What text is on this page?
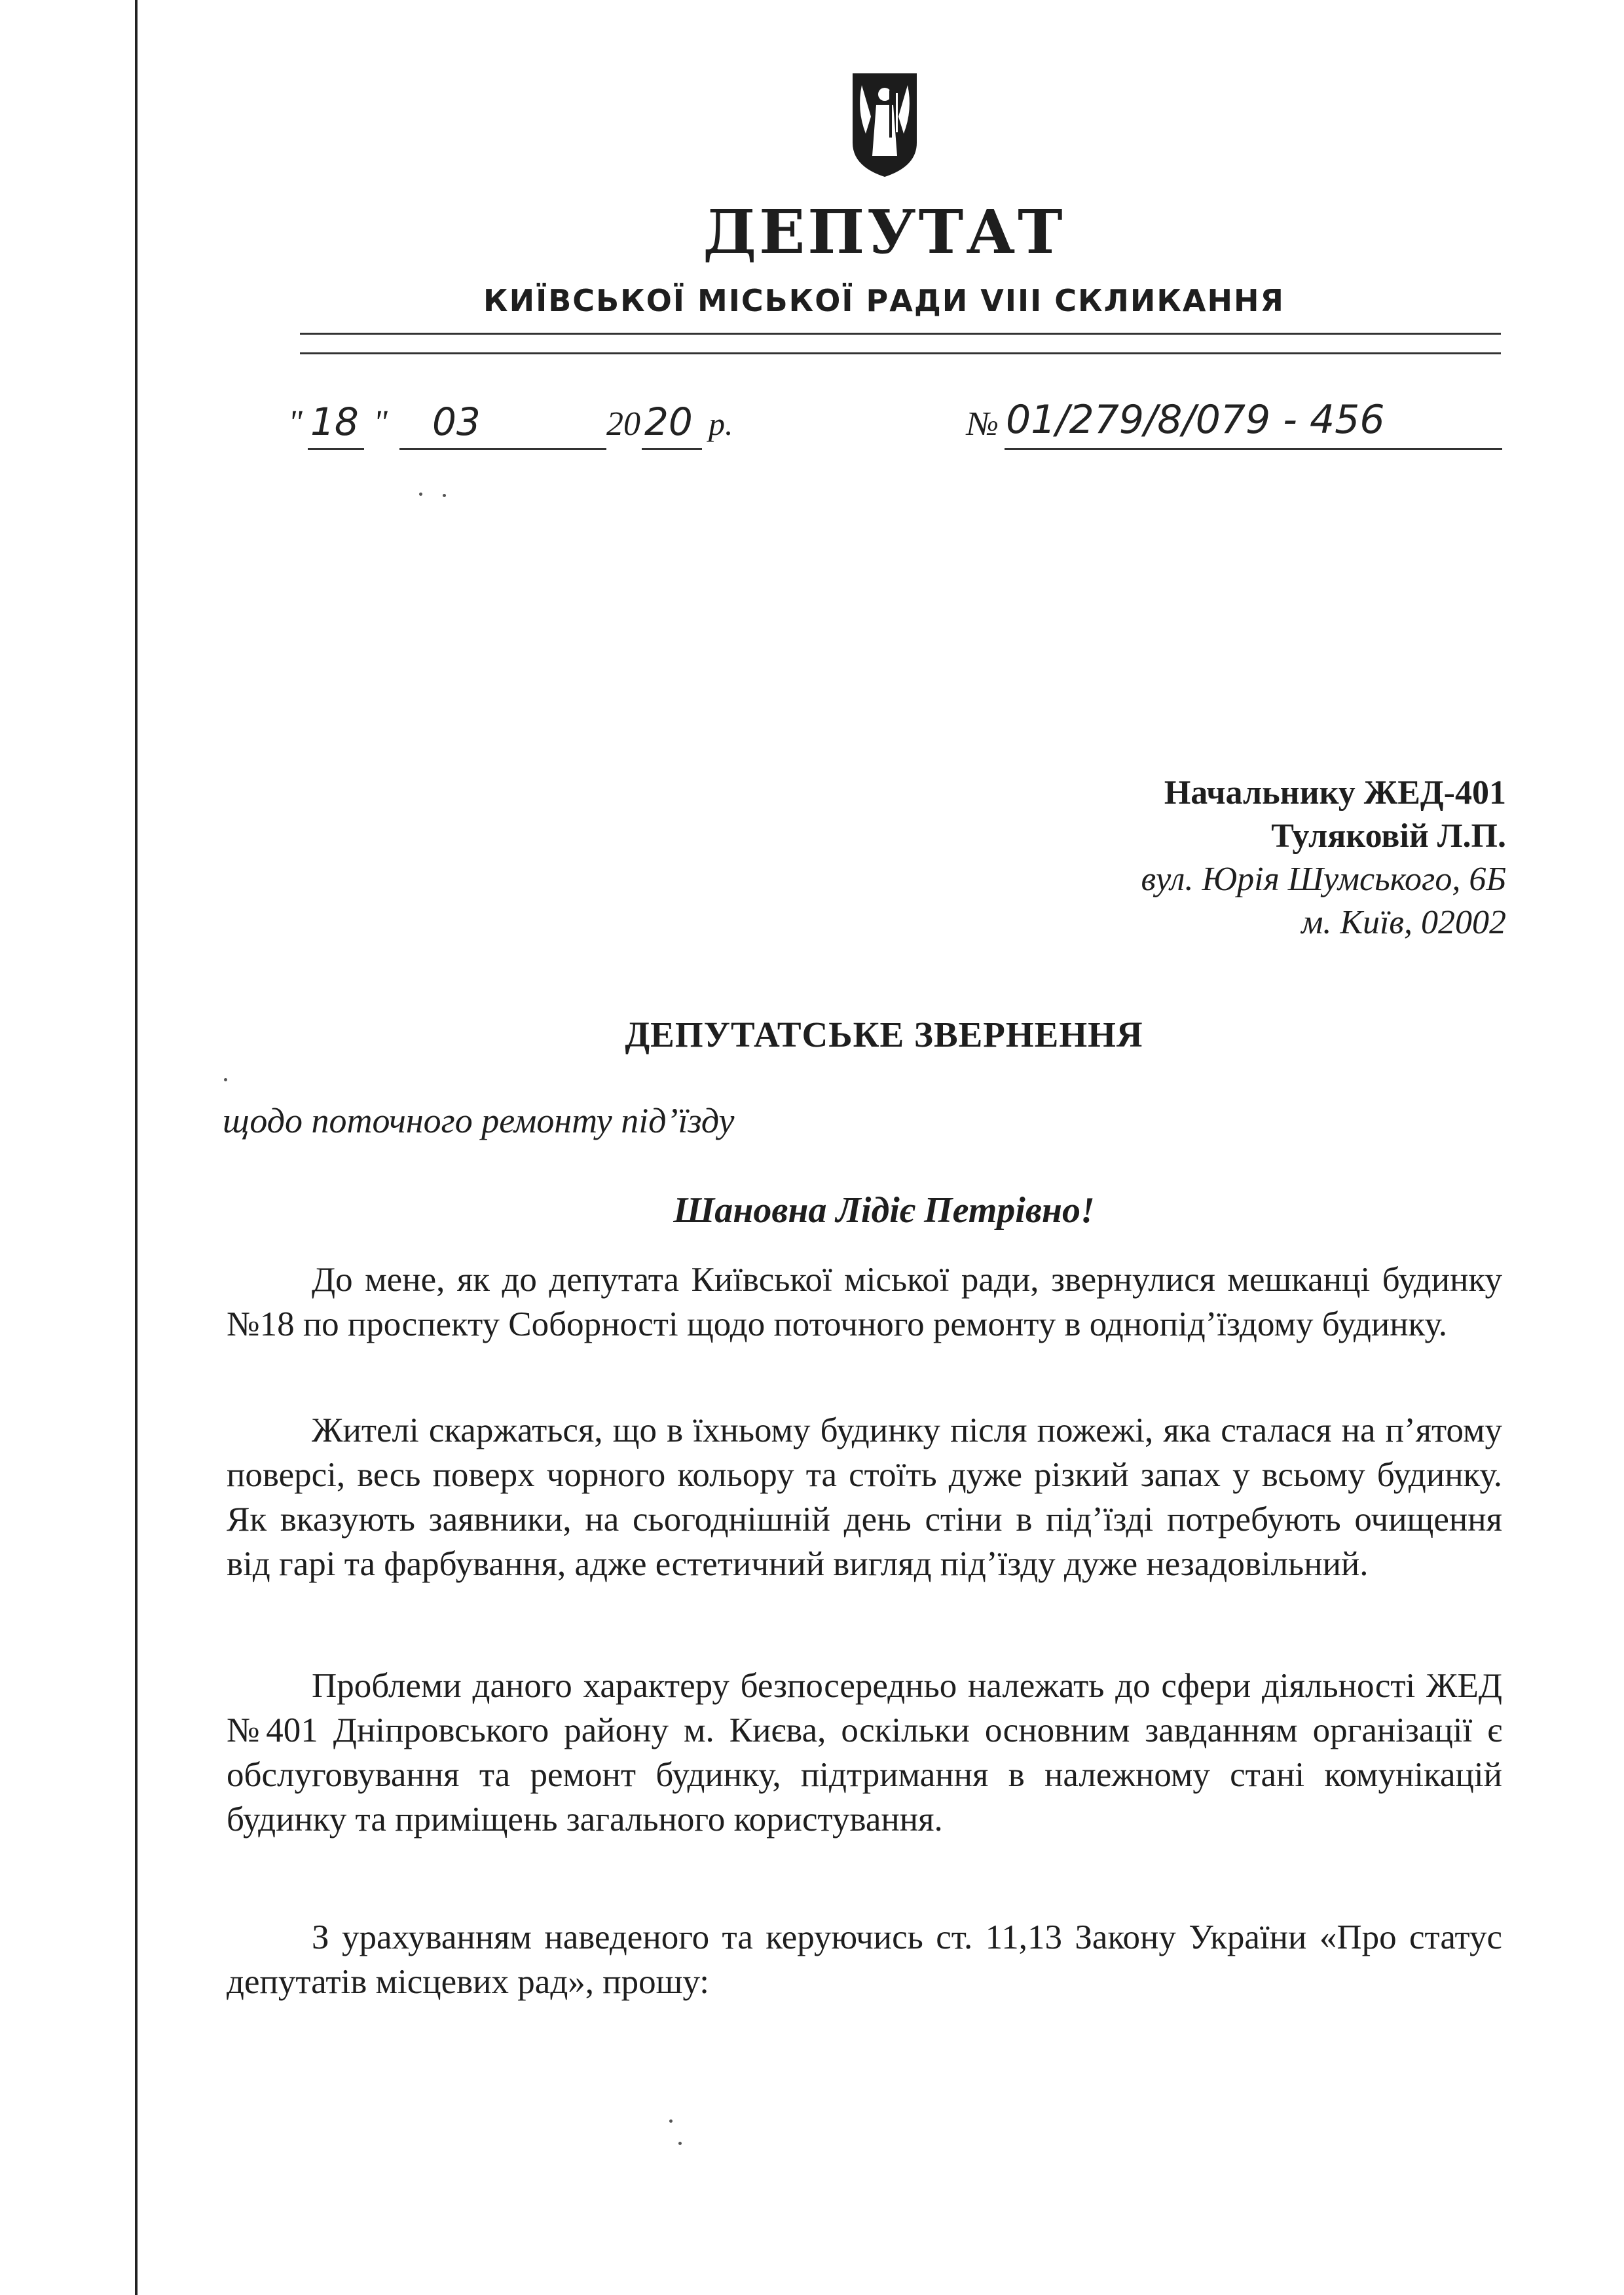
ДЕПУТАТ
КИЇВСЬКОЇ МІСЬКОЇ РАДИ VIII СКЛИКАННЯ
" 18 " 03	20 20 р.	№ 01/279/8/079 - 456
Начальнику ЖЕД-401
Туляковій Л.П.
вул. Юрія Шумського, 6Б
м. Київ, 02002
ДЕПУТАТСЬКЕ ЗВЕРНЕННЯ
щодо поточного ремонту під’їзду
Шановна Лідіє Петрівно!
До мене, як до депутата Київської міської ради, звернулися мешканці будинку №18 по проспекту Соборності щодо поточного ремонту в однопід’їздому будинку.
Жителі скаржаться, що в їхньому будинку після пожежі, яка сталася на п’ятому поверсі, весь поверх чорного кольору та стоїть дуже різкий запах у всьому будинку. Як вказують заявники, на сьогоднішній день стіни в під’їзді потребують очищення від гарі та фарбування, адже естетичний вигляд під’їзду дуже незадовільний.
Проблеми даного характеру безпосередньо належать до сфери діяльності ЖЕД №401 Дніпровського району м. Києва, оскільки основним завданням організації є обслуговування та ремонт будинку, підтримання в належному стані комунікацій будинку та приміщень загального користування.
З урахуванням наведеного та керуючись ст. 11,13 Закону України «Про статус депутатів місцевих рад», прошу:
